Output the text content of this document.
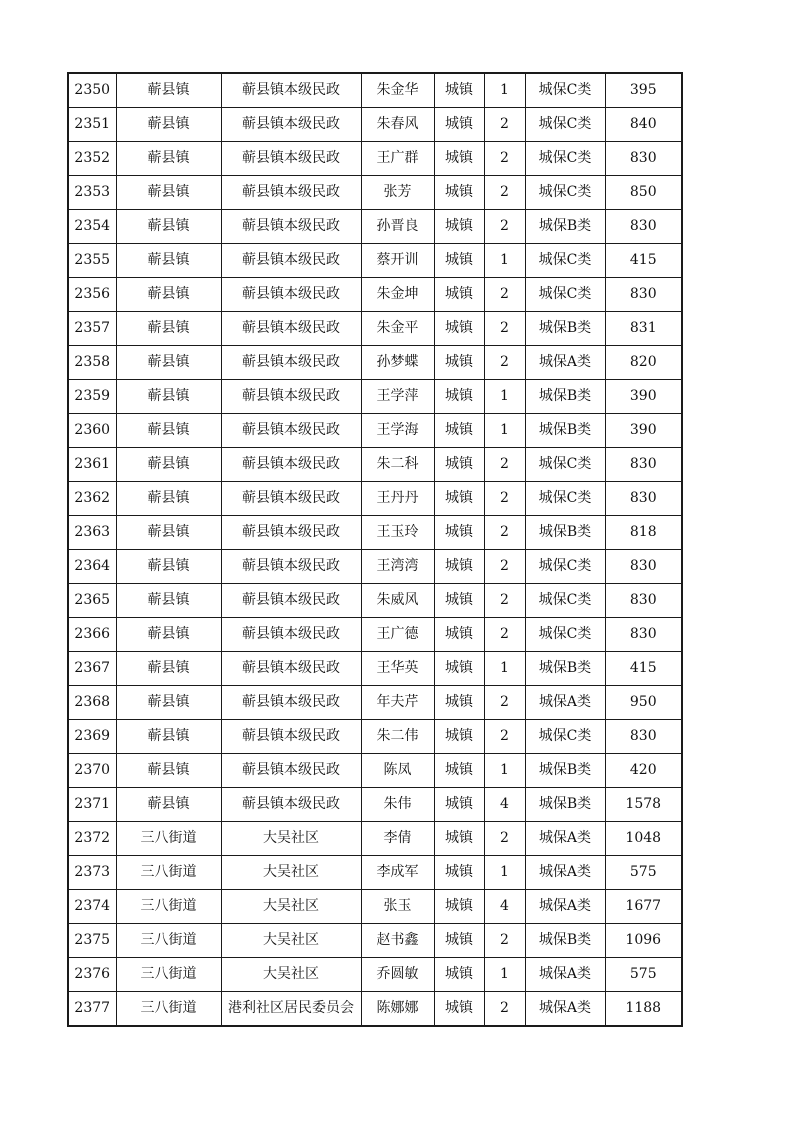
2350	蕲县镇	蕲县镇本级民政	朱金华	城镇	1	城保C类	395
2351	蕲县镇	蕲县镇本级民政	朱春风	城镇	2	城保C类	840
2352	蕲县镇	蕲县镇本级民政	王广群	城镇	2	城保C类	830
2353	蕲县镇	蕲县镇本级民政	张芳	城镇	2	城保C类	850
2354	蕲县镇	蕲县镇本级民政	孙晋良	城镇	2	城保B类	830
2355	蕲县镇	蕲县镇本级民政	蔡开训	城镇	1	城保C类	415
2356	蕲县镇	蕲县镇本级民政	朱金坤	城镇	2	城保C类	830
2357	蕲县镇	蕲县镇本级民政	朱金平	城镇	2	城保B类	831
2358	蕲县镇	蕲县镇本级民政	孙梦蝶	城镇	2	城保A类	820
2359	蕲县镇	蕲县镇本级民政	王学萍	城镇	1	城保B类	390
2360	蕲县镇	蕲县镇本级民政	王学海	城镇	1	城保B类	390
2361	蕲县镇	蕲县镇本级民政	朱二科	城镇	2	城保C类	830
2362	蕲县镇	蕲县镇本级民政	王丹丹	城镇	2	城保C类	830
2363	蕲县镇	蕲县镇本级民政	王玉玲	城镇	2	城保B类	818
2364	蕲县镇	蕲县镇本级民政	王湾湾	城镇	2	城保C类	830
2365	蕲县镇	蕲县镇本级民政	朱威风	城镇	2	城保C类	830
2366	蕲县镇	蕲县镇本级民政	王广德	城镇	2	城保C类	830
2367	蕲县镇	蕲县镇本级民政	王华英	城镇	1	城保B类	415
2368	蕲县镇	蕲县镇本级民政	年夫芹	城镇	2	城保A类	950
2369	蕲县镇	蕲县镇本级民政	朱二伟	城镇	2	城保C类	830
2370	蕲县镇	蕲县镇本级民政	陈凤	城镇	1	城保B类	420
2371	蕲县镇	蕲县镇本级民政	朱伟	城镇	4	城保B类	1578
2372	三八街道	大吴社区	李倩	城镇	2	城保A类	1048
2373	三八街道	大吴社区	李成军	城镇	1	城保A类	575
2374	三八街道	大吴社区	张玉	城镇	4	城保A类	1677
2375	三八街道	大吴社区	赵书鑫	城镇	2	城保B类	1096
2376	三八街道	大吴社区	乔圆敏	城镇	1	城保A类	575
2377	三八街道	港利社区居民委员会	陈娜娜	城镇	2	城保A类	1188
